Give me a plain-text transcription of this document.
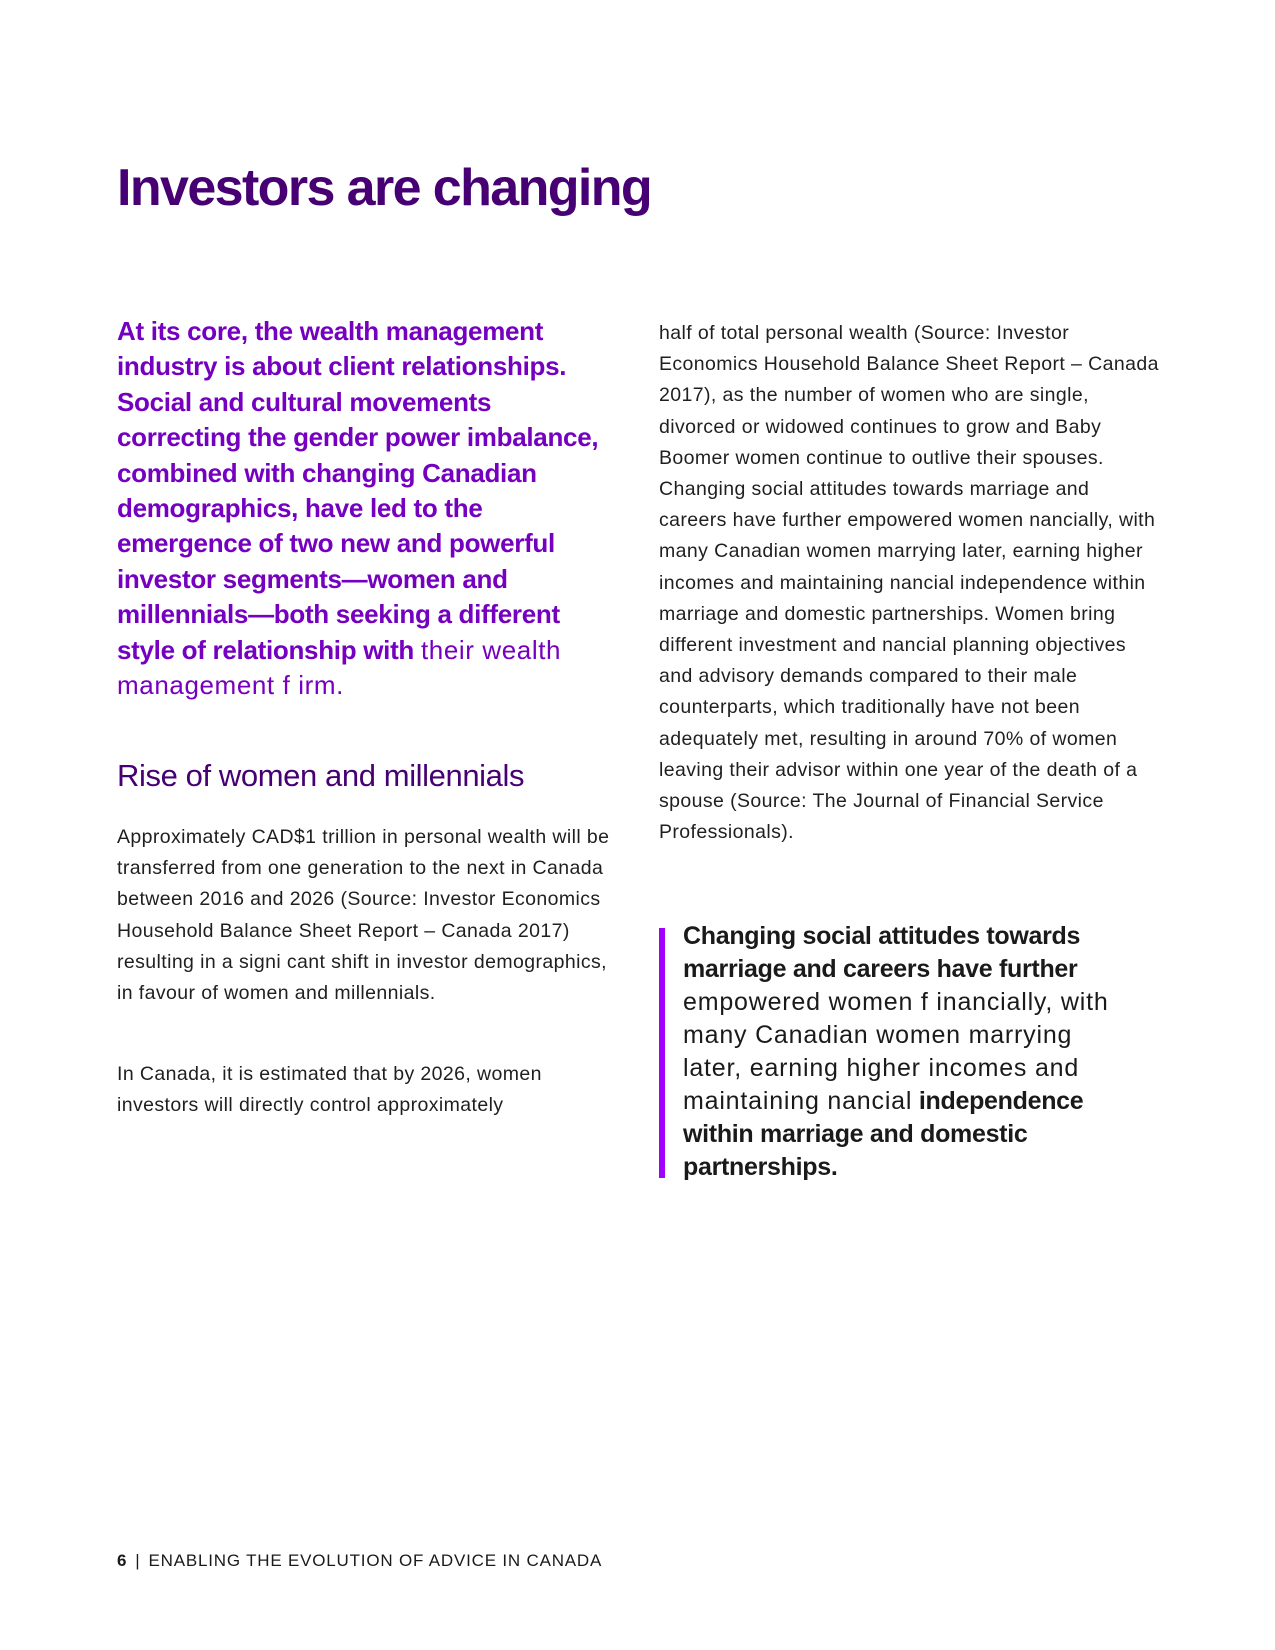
Investors are changing

At its core, the wealth management industry is about client relationships. Social and cultural movements correcting the gender power imbalance, combined with changing Canadian demographics, have led to the emergence of two new and powerful investor segments—women and millennials—both seeking a different style of relationship with their wealth management f irm.

Rise of women and millennials

Approximately CAD$1 trillion in personal wealth will be transferred from one generation to the next in Canada between 2016 and 2026 (Source: Investor Economics Household Balance Sheet Report – Canada 2017) resulting in a signi cant shift in investor demographics, in favour of women and millennials.

In Canada, it is estimated that by 2026, women investors will directly control approximately

half of total personal wealth (Source: Investor Economics Household Balance Sheet Report – Canada 2017), as the number of women who are single, divorced or widowed continues to grow and Baby Boomer women continue to outlive their spouses. Changing social attitudes towards marriage and careers have further empowered women nancially, with many Canadian women marrying later, earning higher incomes and maintaining nancial independence within marriage and domestic partnerships. Women bring different investment and nancial planning objectives and advisory demands compared to their male counterparts, which traditionally have not been adequately met, resulting in around 70% of women leaving their advisor within one year of the death of a spouse (Source: The Journal of Financial Service Professionals).

Changing social attitudes towards marriage and careers have further empowered women f inancially, with many Canadian women marrying later, earning higher incomes and maintaining nancial independence within marriage and domestic partnerships.

6 | ENABLING THE EVOLUTION OF ADVICE IN CANADA
